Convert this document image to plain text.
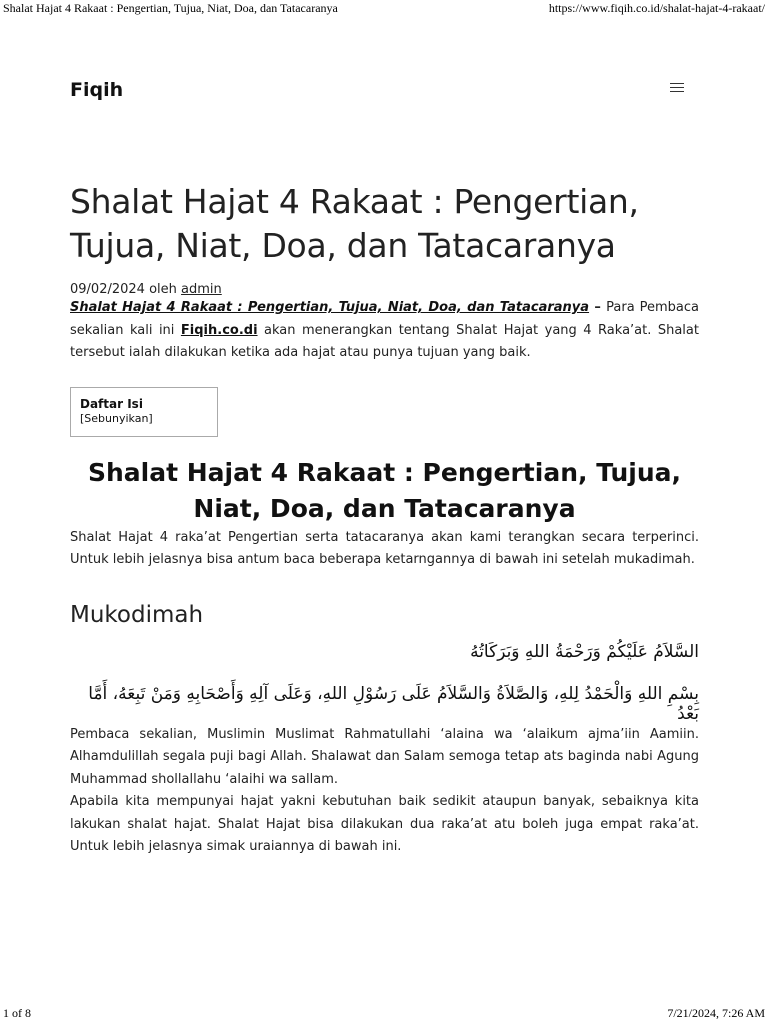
Shalat Hajat 4 Rakaat : Pengertian, Tujua, Niat, Doa, dan Tatacaranya	https://www.fiqih.co.id/shalat-hajat-4-rakaat/
Fiqih
Shalat Hajat 4 Rakaat : Pengertian, Tujua, Niat, Doa, dan Tatacaranya
09/02/2024 oleh admin

Shalat Hajat 4 Rakaat : Pengertian, Tujua, Niat, Doa, dan Tatacaranya – Para Pembaca sekalian kali ini Fiqih.co.di akan menerangkan tentang Shalat Hajat yang 4 Raka’at. Shalat tersebut ialah dilakukan ketika ada hajat atau punya tujuan yang baik.

Daftar Isi [Sebunyikan]
Shalat Hajat 4 Rakaat : Pengertian, Tujua, Niat, Doa, dan Tatacaranya

Shalat Hajat 4 raka’at Pengertian serta tatacaranya akan kami terangkan secara terperinci. Untuk lebih jelasnya bisa antum baca beberapa ketarngannya di bawah ini setelah mukadimah.

Mukodimah
السَّلاَمُ عَلَيْكُمْ وَرَحْمَةُ اللهِ وَبَرَكَاتُهُ
بِسْمِ اللهِ وَالْحَمْدُ لِلهِ، وَالصَّلاَةُ وَالسَّلاَمُ عَلَى رَسُوْلِ اللهِ، وَعَلَى آلِهِ وَأَصْحَابِهِ وَمَنْ تَبِعَهُ، أَمَّا بَعْدُ

Pembaca sekalian, Muslimin Muslimat Rahmatullahi ‘alaina wa ‘alaikum ajma’iin Aamiin. Alhamdulillah segala puji bagi Allah. Shalawat dan Salam semoga tetap ats baginda nabi Agung Muhammad shollallahu ‘alaihi wa sallam.

Apabila kita mempunyai hajat yakni kebutuhan baik sedikit ataupun banyak, sebaiknya kita lakukan shalat hajat. Shalat Hajat bisa dilakukan dua raka’at atu boleh juga empat raka’at. Untuk lebih jelasnya simak uraiannya di bawah ini.

1 of 8	7/21/2024, 7:26 AM
